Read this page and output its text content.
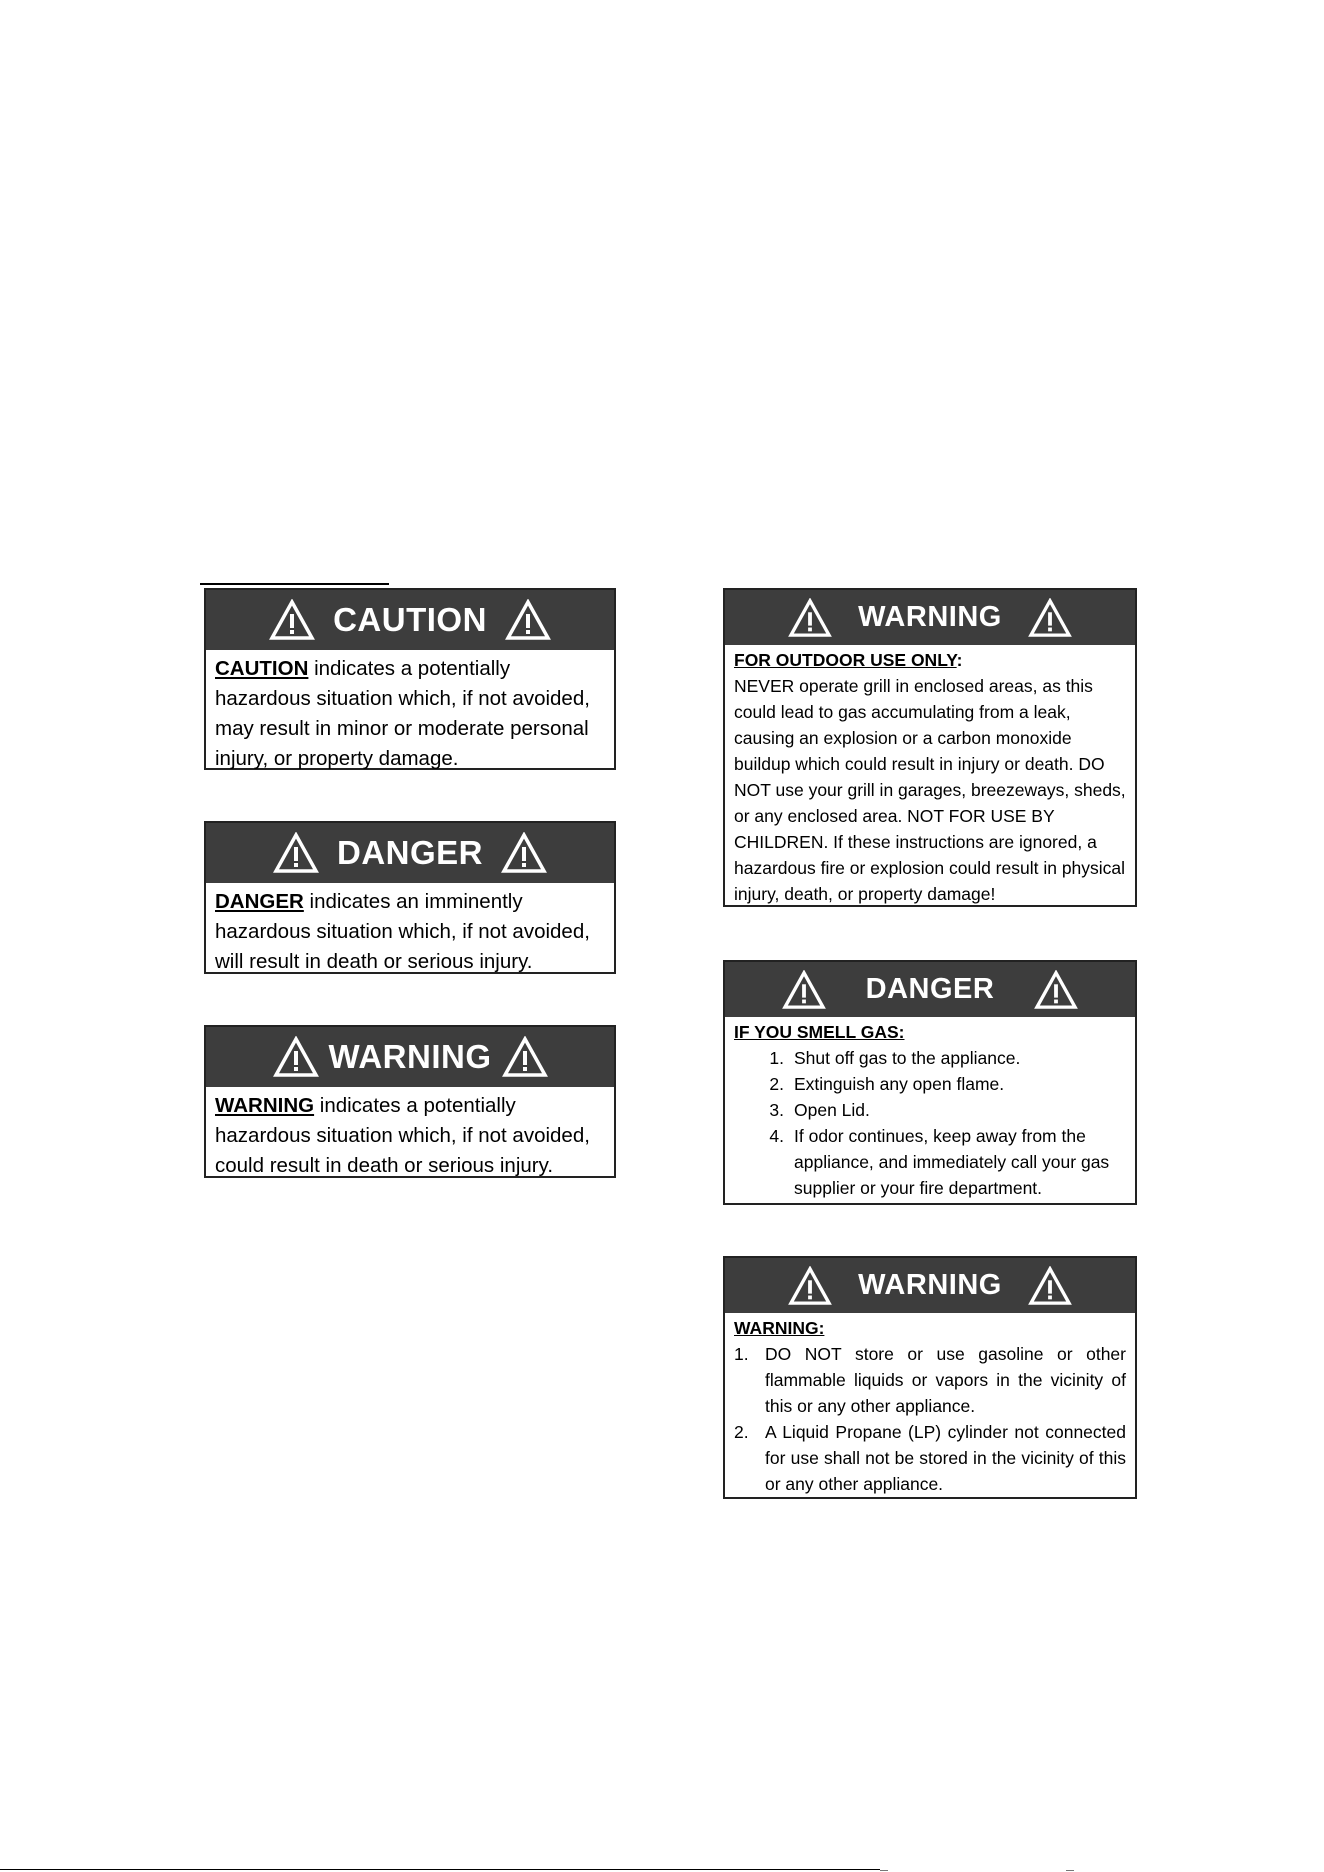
CAUTION
CAUTION indicates a potentially hazardous situation which, if not avoided, may result in minor or moderate personal injury, or property damage.
DANGER
DANGER indicates an imminently hazardous situation which, if not avoided, will result in death or serious injury.
WARNING
WARNING indicates a potentially hazardous situation which, if not avoided, could result in death or serious injury.
WARNING
FOR OUTDOOR USE ONLY:
NEVER operate grill in enclosed areas, as this could lead to gas accumulating from a leak, causing an explosion or a carbon monoxide buildup which could result in injury or death. DO NOT use your grill in garages, breezeways, sheds, or any enclosed area. NOT FOR USE BY CHILDREN. If these instructions are ignored, a hazardous fire or explosion could result in physical injury, death, or property damage!
DANGER
IF YOU SMELL GAS:
1. Shut off gas to the appliance.
2. Extinguish any open flame.
3. Open Lid.
4. If odor continues, keep away from the appliance, and immediately call your gas supplier or your fire department.
WARNING
WARNING:
1. DO NOT store or use gasoline or other flammable liquids or vapors in the vicinity of this or any other appliance.
2. A Liquid Propane (LP) cylinder not connected for use shall not be stored in the vicinity of this or any other appliance.
